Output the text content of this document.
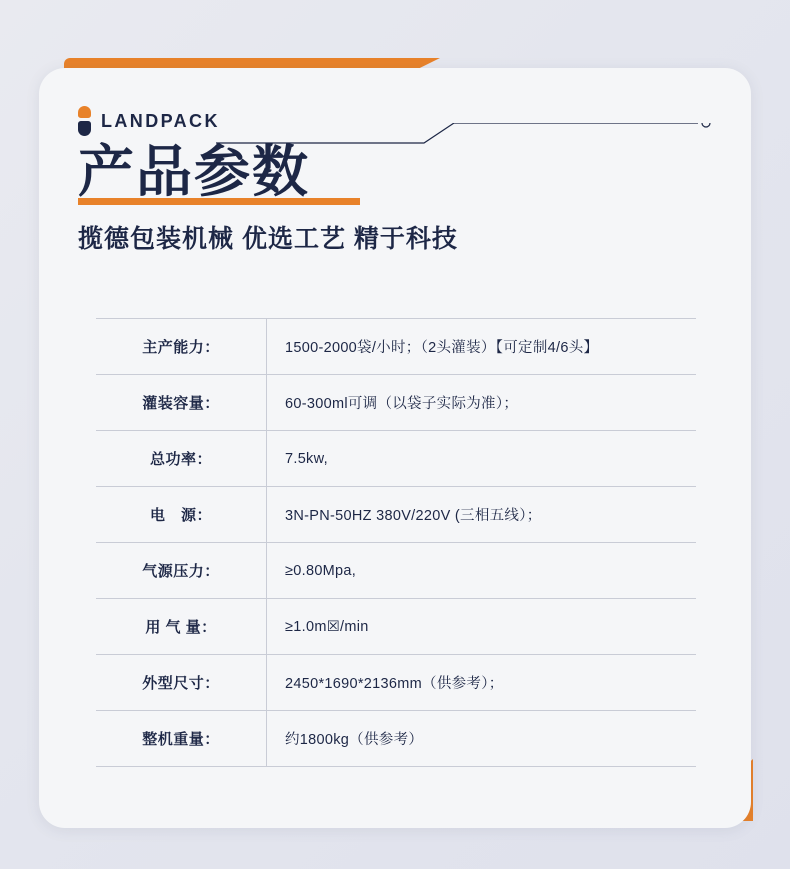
LANDPACK
产品参数

揽德包装机械 优选工艺 精于科技

主产能力：	1500-2000袋/小时；（2头灌装）【可定制4/6头】
灌装容量：	60-300ml可调（以袋子实际为准）；
总功率：	7.5kw,
电　源：	3N-PN-50HZ 380V/220V (三相五线）；
气源压力：	≥0.80Mpa,
用 气 量：	≥1.0m☒/min
外型尺寸：	2450*1690*2136mm（供参考）；
整机重量：	约1800kg（供参考）
